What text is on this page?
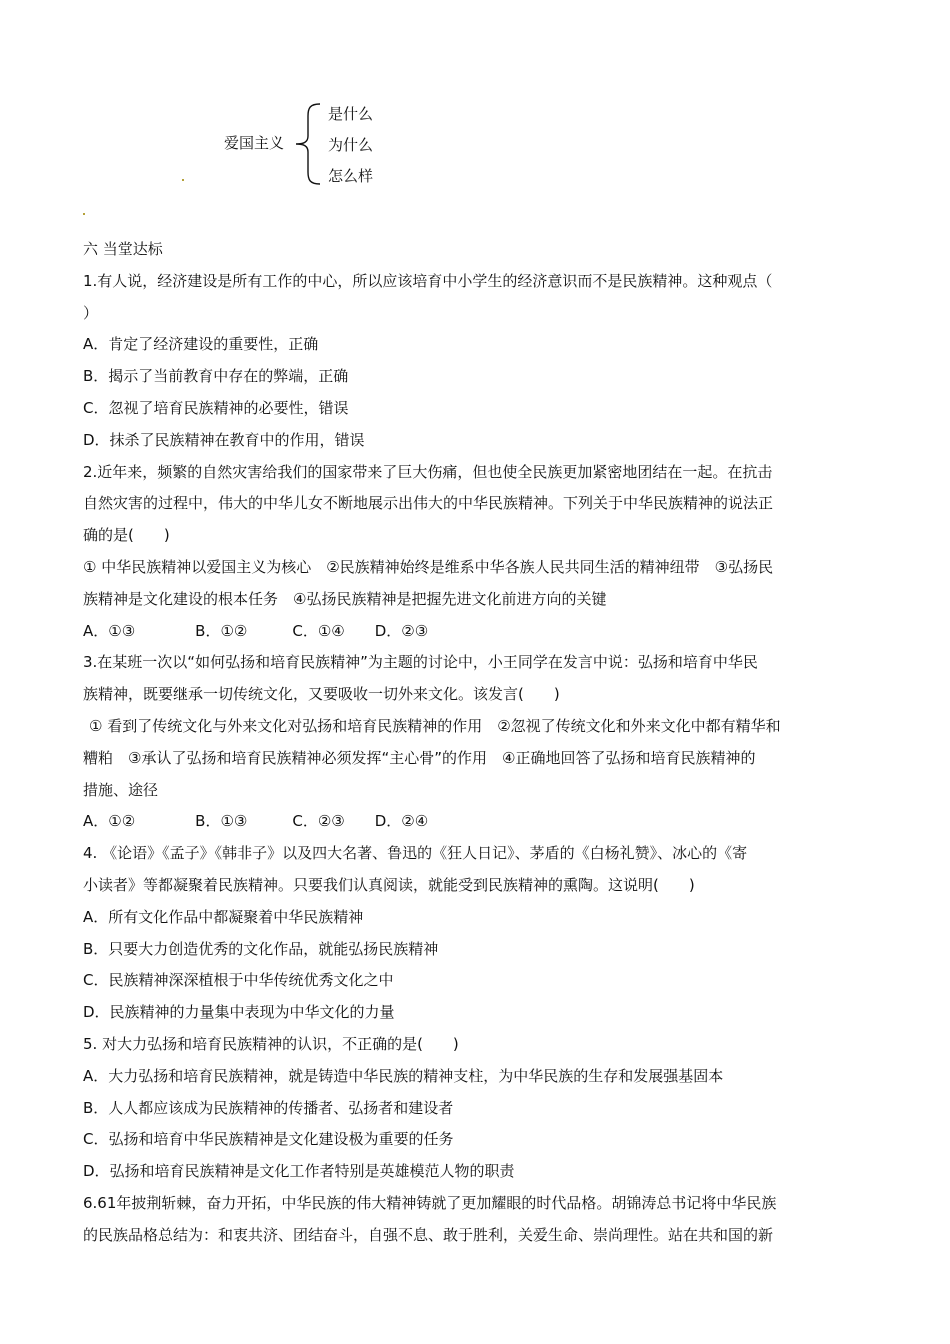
爱国主义
是什么
为什么
怎么样
六 当堂达标
1.有人说，经济建设是所有工作的中心，所以应该培育中小学生的经济意识而不是民族精神。这种观点（
）
A．肯定了经济建设的重要性，正确
B．揭示了当前教育中存在的弊端，正确
C．忽视了培育民族精神的必要性，错误
D．抹杀了民族精神在教育中的作用，错误
2.近年来，频繁的自然灾害给我们的国家带来了巨大伤痛，但也使全民族更加紧密地团结在一起。在抗击
自然灾害的过程中，伟大的中华儿女不断地展示出伟大的中华民族精神。下列关于中华民族精神的说法正
确的是(　　)
① 中华民族精神以爱国主义为核心　②民族精神始终是维系中华各族人民共同生活的精神纽带　③弘扬民
族精神是文化建设的根本任务　④弘扬民族精神是把握先进文化前进方向的关键
A．①③　　　　B．①②　　　C．①④　　D．②③
3.在某班一次以“如何弘扬和培育民族精神”为主题的讨论中，小王同学在发言中说：弘扬和培育中华民
族精神，既要继承一切传统文化，又要吸收一切外来文化。该发言(　　)
① 看到了传统文化与外来文化对弘扬和培育民族精神的作用　②忽视了传统文化和外来文化中都有精华和
糟粕　③承认了弘扬和培育民族精神必须发挥“主心骨”的作用　④正确地回答了弘扬和培育民族精神的
措施、途径
A．①②　　　　B．①③　　　C．②③　　D．②④
4. 《论语》《孟子》《韩非子》以及四大名著、鲁迅的《狂人日记》、茅盾的《白杨礼赞》、冰心的《寄
小读者》等都凝聚着民族精神。只要我们认真阅读，就能受到民族精神的熏陶。这说明(　　)
A．所有文化作品中都凝聚着中华民族精神
B．只要大力创造优秀的文化作品，就能弘扬民族精神
C．民族精神深深植根于中华传统优秀文化之中
D．民族精神的力量集中表现为中华文化的力量
5. 对大力弘扬和培育民族精神的认识，不正确的是(　　)
A．大力弘扬和培育民族精神，就是铸造中华民族的精神支柱，为中华民族的生存和发展强基固本
B．人人都应该成为民族精神的传播者、弘扬者和建设者
C．弘扬和培育中华民族精神是文化建设极为重要的任务
D．弘扬和培育民族精神是文化工作者特别是英雄模范人物的职责
6.61年披荆斩棘，奋力开拓，中华民族的伟大精神铸就了更加耀眼的时代品格。胡锦涛总书记将中华民族
的民族品格总结为：和衷共济、团结奋斗，自强不息、敢于胜利，关爱生命、崇尚理性。站在共和国的新
